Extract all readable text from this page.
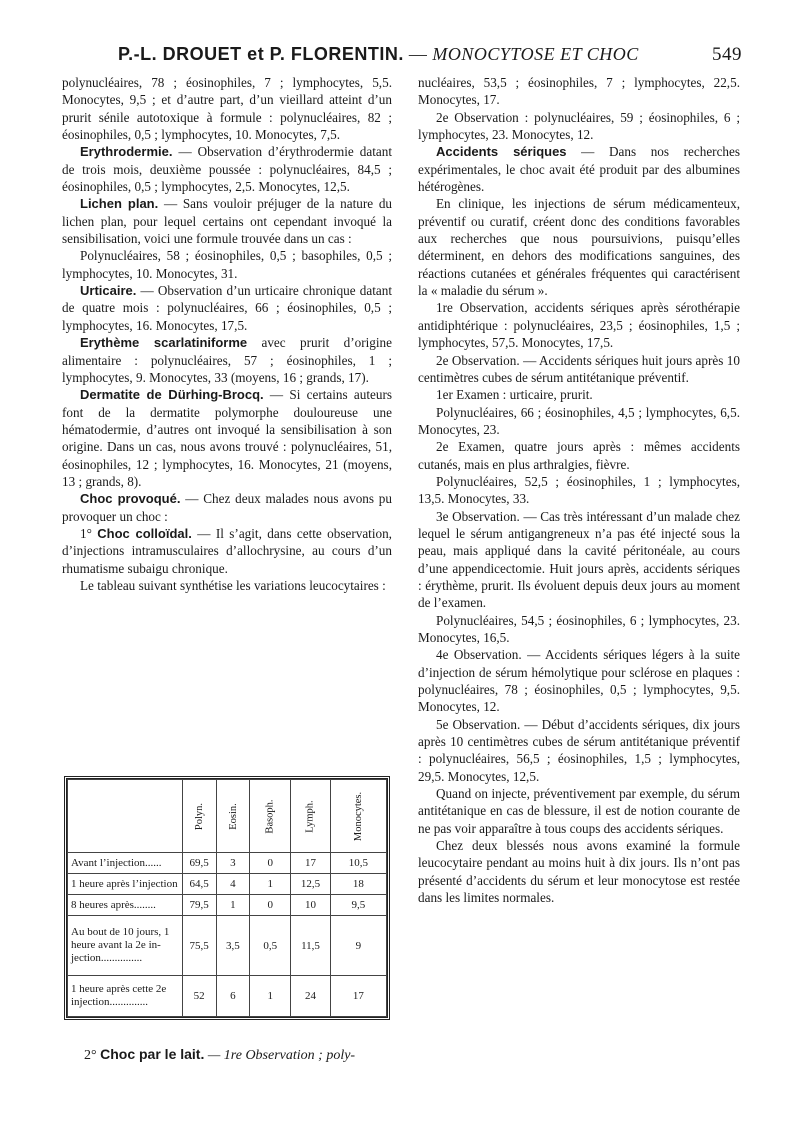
P.-L. DROUET et P. FLORENTIN. — MONOCYTOSE ET CHOC	549

polynucléaires, 78 ; éosinophiles, 7 ; lymphocytes, 5,5. Monocytes, 9,5 ; et d’autre part, d’un vieillard atteint d’un prurit sénile autotoxique à formule : polynucléaires, 82 ; éosinophiles, 0,5 ; lymphocytes, 10. Monocytes, 7,5.

Erythrodermie. — Observation d’érythrodermie datant de trois mois, deuxième poussée : polynucléaires, 84,5 ; éosinophiles, 0,5 ; lymphocytes, 2,5. Monocytes, 12,5.

Lichen plan. — Sans vouloir préjuger de la nature du lichen plan, pour lequel certains ont cependant invoqué la sensibilisation, voici une formule trouvée dans un cas :

Polynucléaires, 58 ; éosinophiles, 0,5 ; basophiles, 0,5 ; lymphocytes, 10. Monocytes, 31.

Urticaire. — Observation d’un urticaire chronique datant de quatre mois : polynucléaires, 66 ; éosinophiles, 0,5 ; lymphocytes, 16. Monocytes, 17,5.

Erythème scarlatiniforme avec prurit d’origine alimentaire : polynucléaires, 57 ; éosinophiles, 1 ; lymphocytes, 9. Monocytes, 33 (moyens, 16 ; grands, 17).

Dermatite de Dürhing-Brocq. — Si certains auteurs font de la dermatite polymorphe douloureuse une hématodermie, d’autres ont invoqué la sensibilisation à son origine. Dans un cas, nous avons trouvé : polynucléaires, 51, éosinophiles, 12 ; lymphocytes, 16. Monocytes, 21 (moyens, 13 ; grands, 8).

Choc provoqué. — Chez deux malades nous avons pu provoquer un choc :

1° Choc colloïdal. — Il s’agit, dans cette observation, d’injections intramusculaires d’allochrysine, au cours d’un rhumatisme subaigu chronique.

Le tableau suivant synthétise les variations leucocytaires :

	Polyn.	Eosin.	Basoph.	Lymph.	Monocytes.
Avant l’injection......	69,5	3	0	17	10,5
1 heure après l’injection	64,5	4	1	12,5	18
8 heures après........	79,5	1	0	10	9,5
Au bout de 10 jours, 1 heure avant la 2e injection...............	75,5	3,5	0,5	11,5	9
1 heure après cette 2e injection..............	52	6	1	24	17
2° Choc par le lait. — 1re Observation ; poly-

nucléaires, 53,5 ; éosinophiles, 7 ; lymphocytes, 22,5. Monocytes, 17.

2e Observation : polynucléaires, 59 ; éosinophiles, 6 ; lymphocytes, 23. Monocytes, 12.

Accidents sériques — Dans nos recherches expérimentales, le choc avait été produit par des albumines hétérogènes.

En clinique, les injections de sérum médicamenteux, préventif ou curatif, créent donc des conditions favorables aux recherches que nous poursuivions, puisqu’elles déterminent, en dehors des modifications sanguines, des réactions cutanées et générales fréquentes qui caractérisent la « maladie du sérum ».

1re Observation, accidents sériques après sérothérapie antidiphtérique : polynucléaires, 23,5 ; éosinophiles, 1,5 ; lymphocytes, 57,5. Monocytes, 17,5.

2e Observation. — Accidents sériques huit jours après 10 centimètres cubes de sérum antitétanique préventif.

1er Examen : urticaire, prurit.

Polynucléaires, 66 ; éosinophiles, 4,5 ; lymphocytes, 6,5. Monocytes, 23.

2e Examen, quatre jours après : mêmes accidents cutanés, mais en plus arthralgies, fièvre.

Polynucléaires, 52,5 ; éosinophiles, 1 ; lymphocytes, 13,5. Monocytes, 33.

3e Observation. — Cas très intéressant d’un malade chez lequel le sérum antigangreneux n’a pas été injecté sous la peau, mais appliqué dans la cavité péritonéale, au cours d’une appendicectomie. Huit jours après, accidents sériques : érythème, prurit. Ils évoluent depuis deux jours au moment de l’examen.

Polynucléaires, 54,5 ; éosinophiles, 6 ; lymphocytes, 23. Monocytes, 16,5.

4e Observation. — Accidents sériques légers à la suite d’injection de sérum hémolytique pour sclérose en plaques : polynucléaires, 78 ; éosinophiles, 0,5 ; lymphocytes, 9,5. Monocytes, 12.

5e Observation. — Début d’accidents sériques, dix jours après 10 centimètres cubes de sérum antitétanique préventif : polynucléaires, 56,5 ; éosinophiles, 1,5 ; lymphocytes, 29,5. Monocytes, 12,5.

Quand on injecte, préventivement par exemple, du sérum antitétanique en cas de blessure, il est de notion courante de ne pas voir apparaître à tous coups des accidents sériques.

Chez deux blessés nous avons examiné la formule leucocytaire pendant au moins huit à dix jours. Ils n’ont pas présenté d’accidents du sérum et leur monocytose est restée dans les limites normales.
